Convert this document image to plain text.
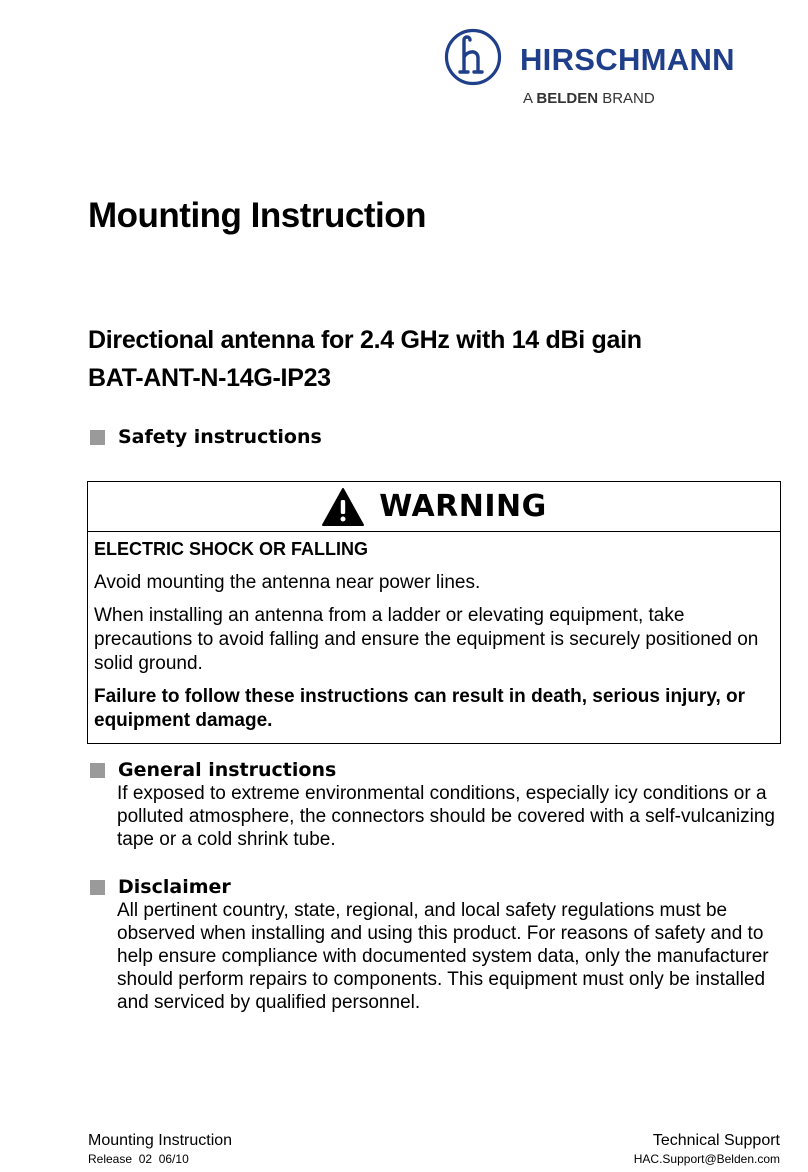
HIRSCHMANN
A BELDEN BRAND
Mounting Instruction
Directional antenna for 2.4 GHz with 14 dBi gain
BAT-ANT-N-14G-IP23
Safety instructions
WARNING

ELECTRIC SHOCK OR FALLING

Avoid mounting the antenna near power lines.

When installing an antenna from a ladder or elevating equipment, take precautions to avoid falling and ensure the equipment is securely positioned on solid ground.

Failure to follow these instructions can result in death, serious injury, or equipment damage.

General instructions
If exposed to extreme environmental conditions, especially icy conditions or a polluted atmosphere, the connectors should be covered with a self-vulcanizing tape or a cold shrink tube.
Disclaimer
All pertinent country, state, regional, and local safety regulations must be observed when installing and using this product. For reasons of safety and to help ensure compliance with documented system data, only the manufacturer should perform repairs to components. This equipment must only be installed and serviced by qualified personnel.
Mounting Instruction
Release  02  06/10
Technical Support
HAC.Support@Belden.com
